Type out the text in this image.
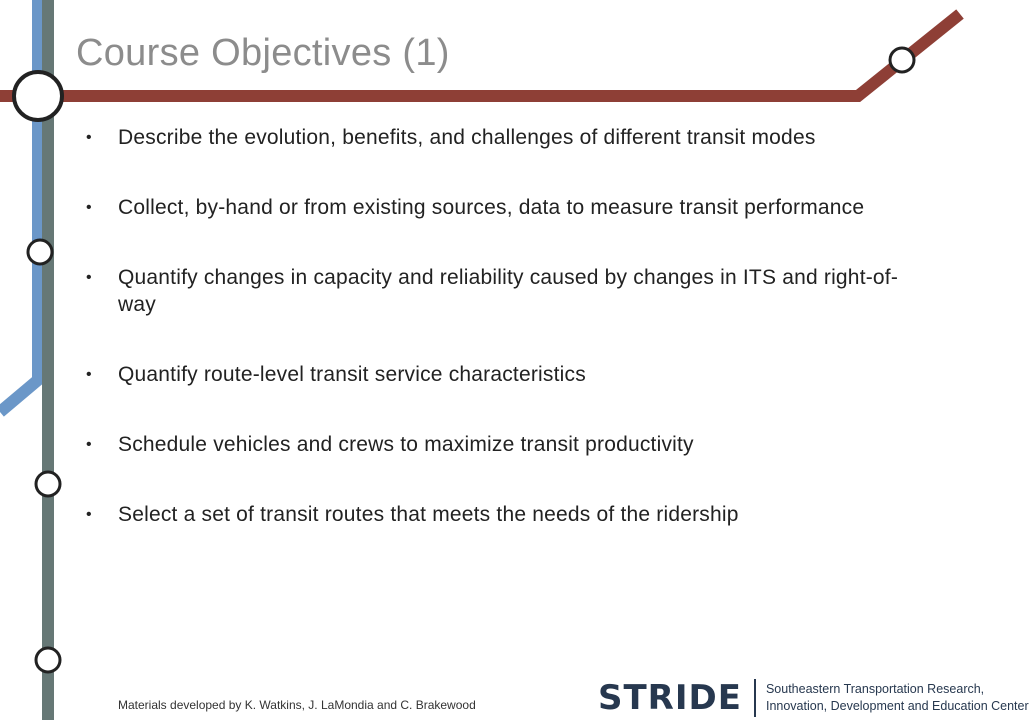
Course Objectives (1)
• Describe the evolution, benefits, and challenges of different transit modes
• Collect, by-hand or from existing sources, data to measure transit performance
• Quantify changes in capacity and reliability caused by changes in ITS and right-of-way
• Quantify route-level transit service characteristics
• Schedule vehicles and crews to maximize transit productivity
• Select a set of transit routes that meets the needs of the ridership
Materials developed by K. Watkins, J. LaMondia and C. Brakewood	STRIDE Southeastern Transportation Research,
Innovation, Development and Education Center
